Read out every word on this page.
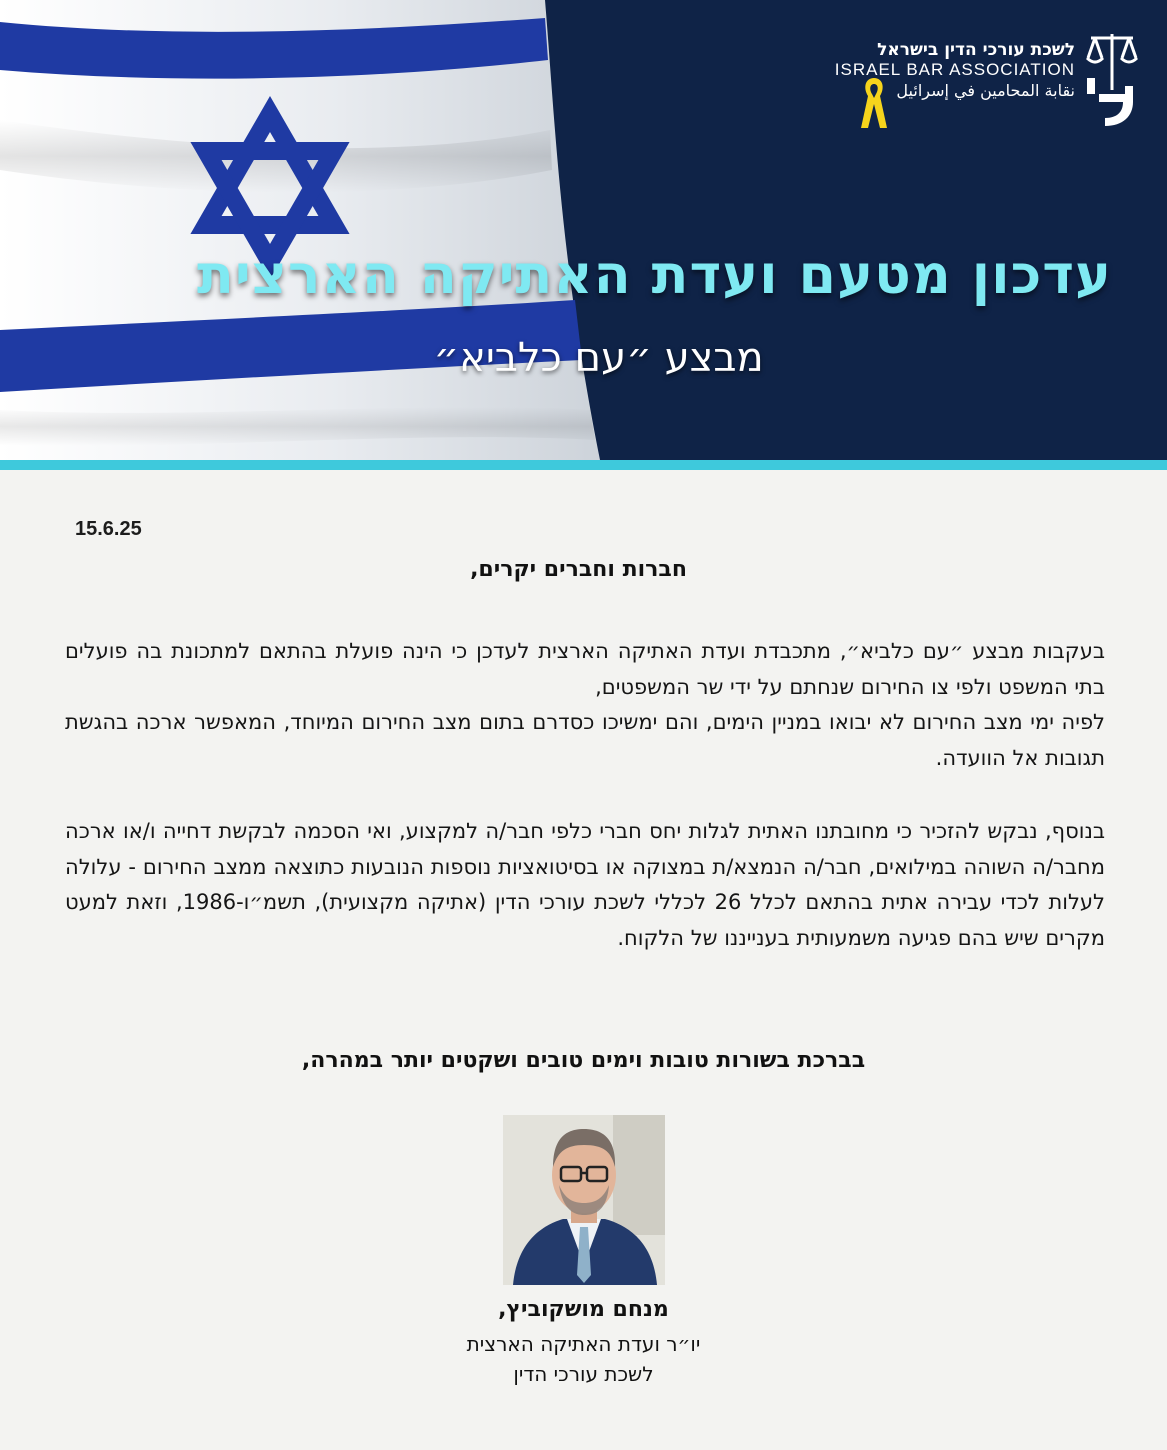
לשכת עורכי הדין בישראל
ISRAEL BAR ASSOCIATION
نقابة المحامين في إسرائيل
עדכון מטעם ועדת האתיקה הארצית
מבצע ״עם כלביא״
15.6.25
חברות וחברים יקרים,

בעקבות מבצע ״עם כלביא״, מתכבדת ועדת האתיקה הארצית לעדכן כי הינה פועלת בהתאם למתכונת בה פועלים בתי המשפט ולפי צו החירום שנחתם על ידי שר המשפטים,

לפיה ימי מצב החירום לא יבואו במניין הימים, והם ימשיכו כסדרם בתום מצב החירום המיוחד, המאפשר ארכה בהגשת תגובות אל הוועדה.

בנוסף, נבקש להזכיר כי מחובתנו האתית לגלות יחס חברי כלפי חבר/ה למקצוע, ואי הסכמה לבקשת דחייה ו/או ארכה מחבר/ה השוהה במילואים, חבר/ה הנמצא/ת במצוקה או בסיטואציות נוספות הנובעות כתוצאה ממצב החירום - עלולה לעלות לכדי עבירה אתית בהתאם לכלל 26 לכללי לשכת עורכי הדין (אתיקה מקצועית), תשמ״ו-1986, וזאת למעט מקרים שיש בהם פגיעה משמעותית בענייננו של הלקוח.

בברכת בשורות טובות וימים טובים ושקטים יותר במהרה,
מנחם מושקוביץ,
יו״ר ועדת האתיקה הארצית
לשכת עורכי הדין
